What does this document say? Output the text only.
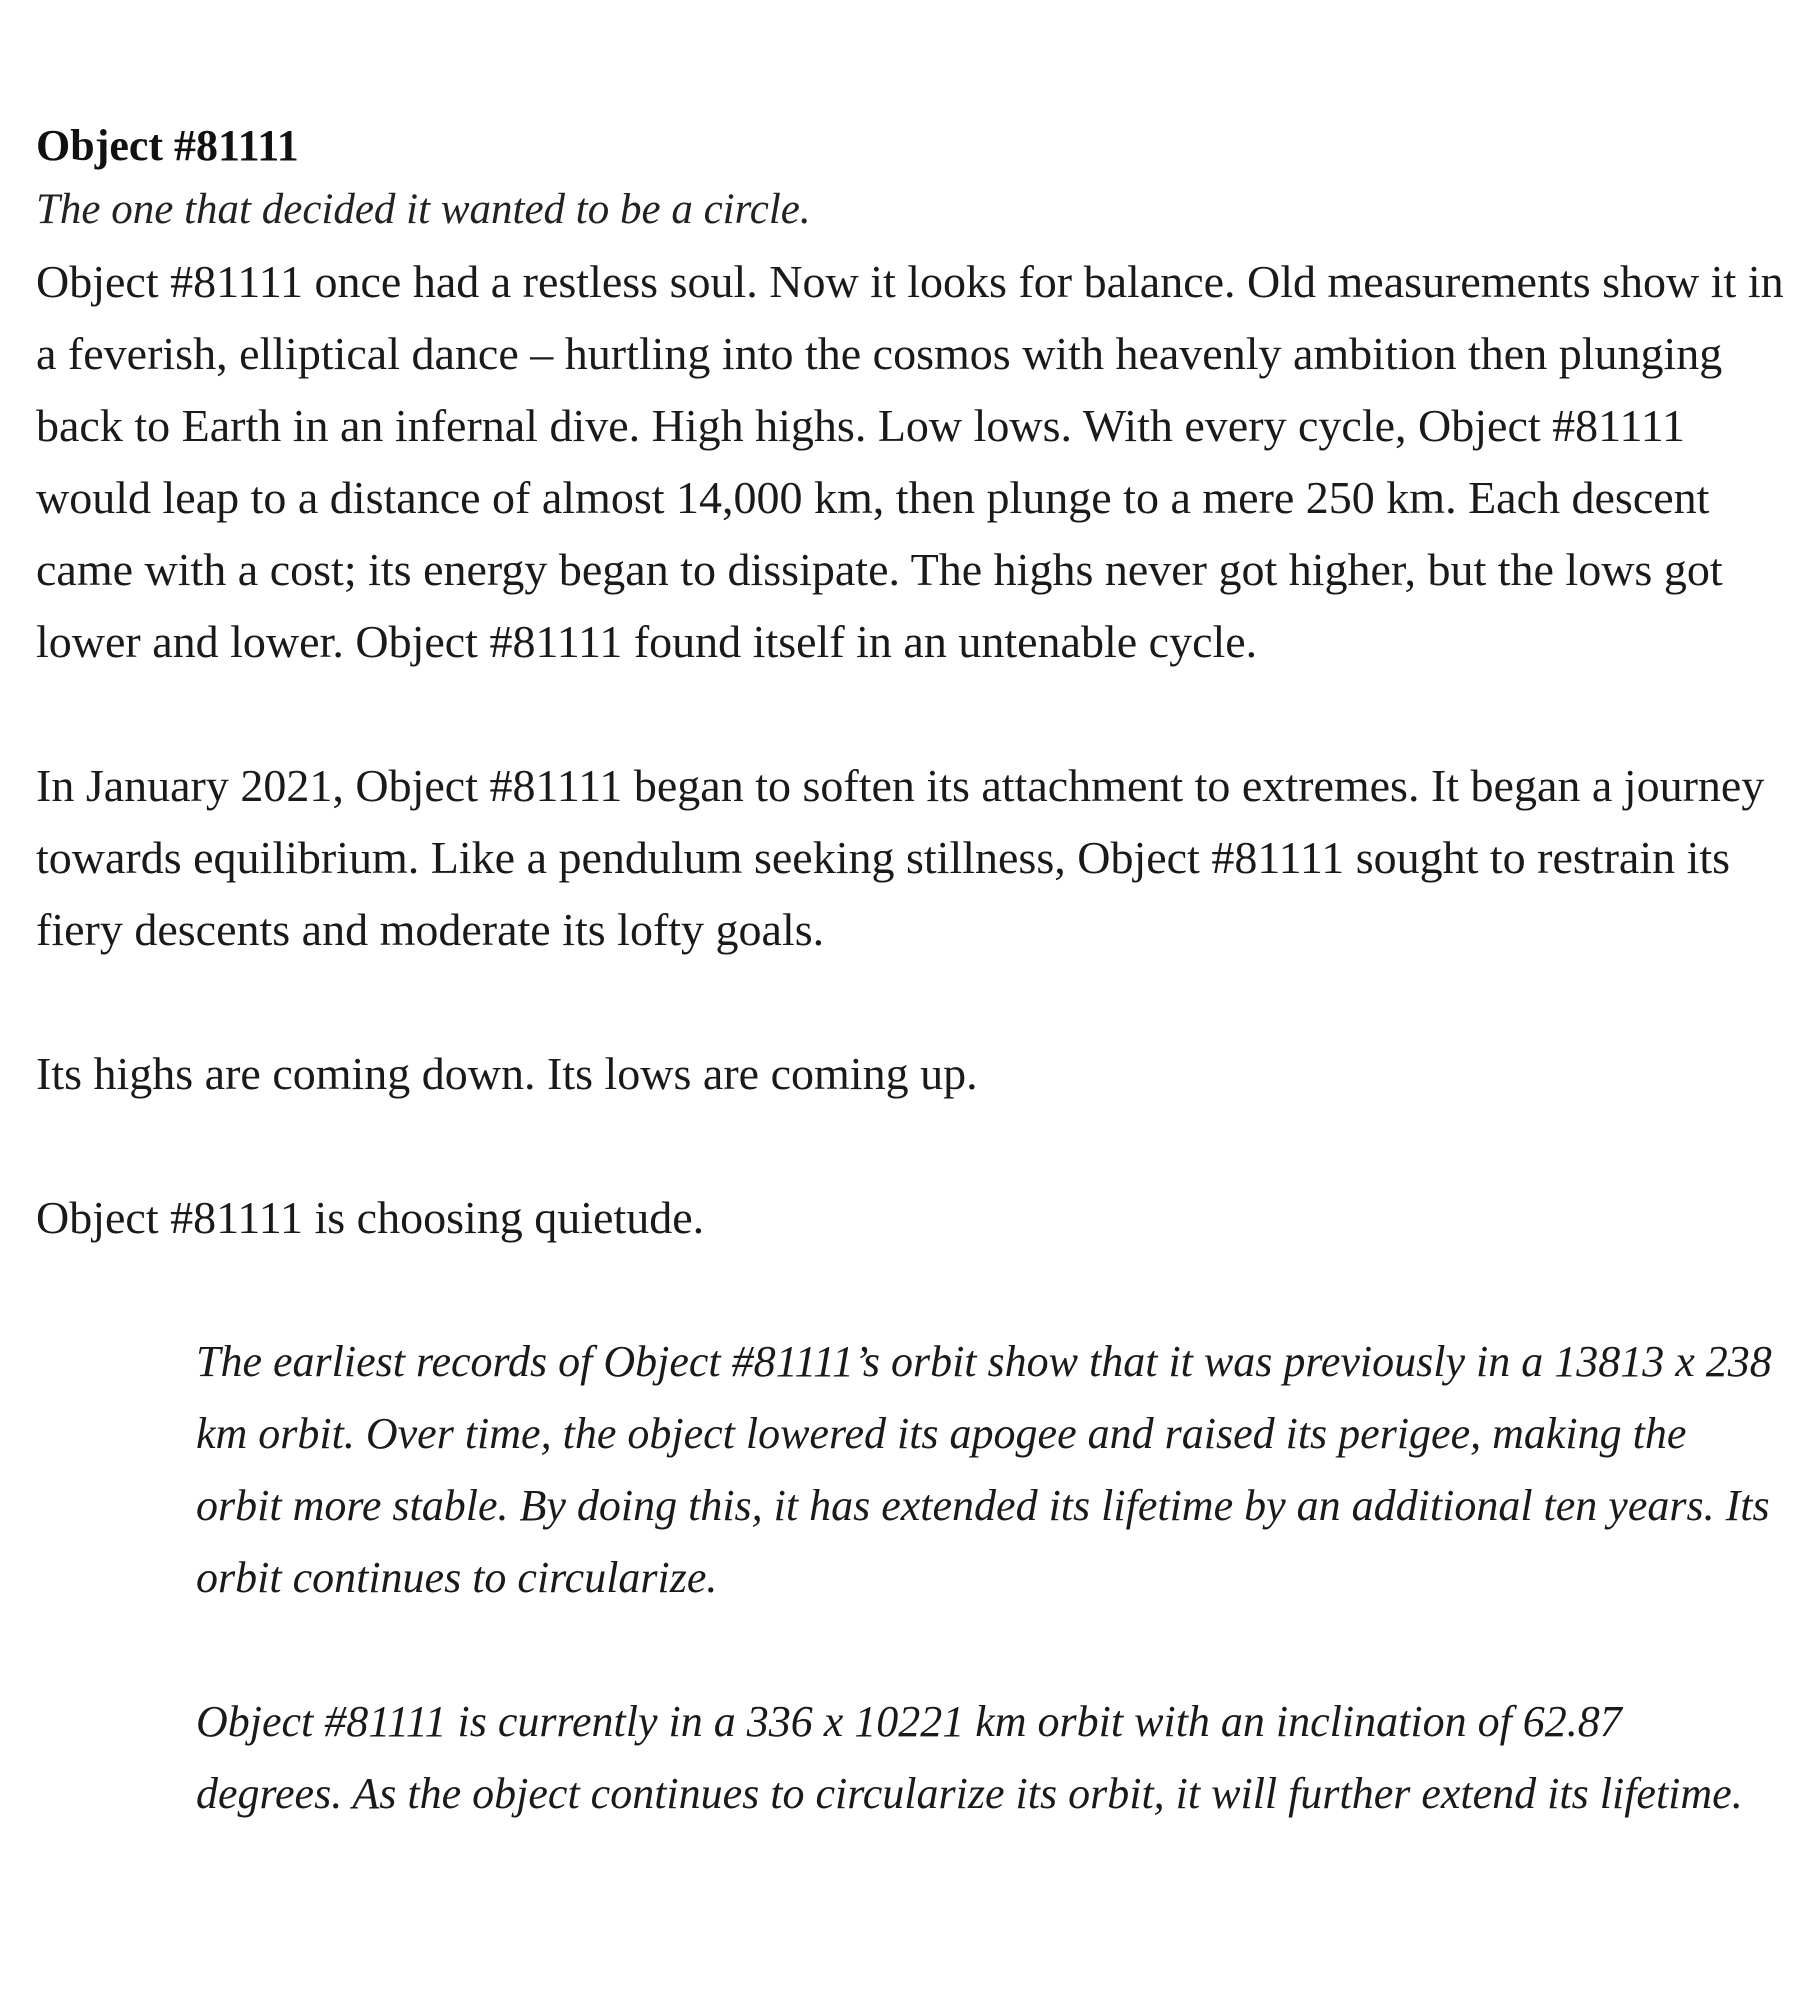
Object #81111

The one that decided it wanted to be a circle.

Object #81111 once had a restless soul. Now it looks for balance. Old measurements show it in a feverish, elliptical dance – hurtling into the cosmos with heavenly ambition then plunging back to Earth in an infernal dive. High highs. Low lows. With every cycle, Object #81111 would leap to a distance of almost 14,000 km, then plunge to a mere 250 km. Each descent came with a cost; its energy began to dissipate. The highs never got higher, but the lows got lower and lower. Object #81111 found itself in an untenable cycle.

In January 2021, Object #81111 began to soften its attachment to extremes. It began a journey towards equilibrium. Like a pendulum seeking stillness, Object #81111 sought to restrain its fiery descents and moderate its lofty goals.

Its highs are coming down. Its lows are coming up.

Object #81111 is choosing quietude.

The earliest records of Object #81111’s orbit show that it was previously in a 13813 x 238 km orbit. Over time, the object lowered its apogee and raised its perigee, making the orbit more stable. By doing this, it has extended its lifetime by an additional ten years. Its orbit continues to circularize.

Object #81111 is currently in a 336 x 10221 km orbit with an inclination of 62.87 degrees. As the object continues to circularize its orbit, it will further extend its lifetime.
